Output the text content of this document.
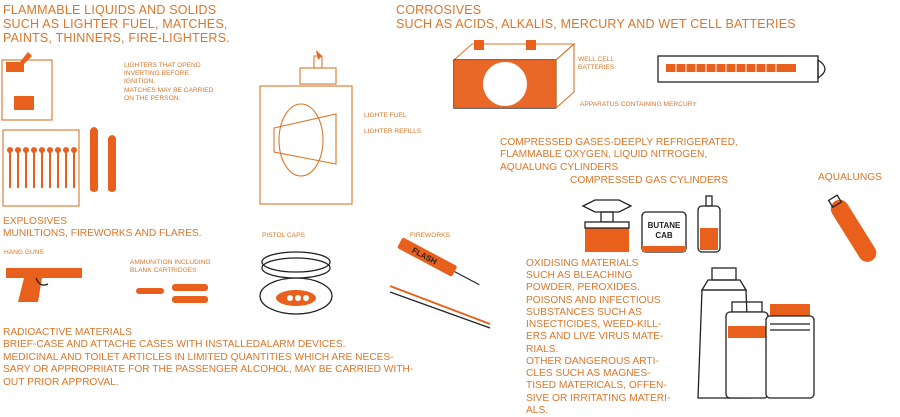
FLAMMABLE LIQUIDS AND SOLIDS
SUCH AS LIGHTER FUEL, MATCHES,
PAINTS, THINNERS, FIRE-LIGHTERS.
LIGHTERS THAT OPEND
INVERTING BEFORE
IGNITION.
MATCHES MAY BE CARRIED
ON THE PERSON.
LIGHTE FUEL
LIGHTER REFILLS
CORROSIVES
SUCH AS ACIDS, ALKALIS, MERCURY AND WET CELL BATTERIES
WELL CELL
BATTERIES
APPARATUS CONTAINING MERCURY
COMPRESSED GASES-DEEPLY REFRIGERATED,
FLAMMABLE OXYGEN, LIQUID NITROGEN,
AQUALUNG CYLINDERS
COMPRESSED GAS CYLINDERS	AQUALUNGS
EXPLOSIVES
MUNILTIONS, FIREWORKS AND FLARES.
HANG GUNS
AMMUNITION INCLUDING
BLANK CARTRIDGES
PISTOL CAPS	FIREWORKS
OXIDISING MATERIALS
SUCH AS BLEACHING
POWDER, PEROXIDES.
POISONS AND INFECTIOUS
SUBSTANCES SUCH AS
INSECTICIDES, WEED-KILL-
ERS AND LIVE VIRUS MATE-
RIALS.
OTHER DANGEROUS ARTI-
CLES SUCH AS MAGNES-
TISED MATERICALS, OFFEN-
SIVE OR IRRITATING MATERI-
ALS.
RADIOACTIVE MATERIALS
BRIEF-CASE AND ATTACHE CASES WITH INSTALLEDALARM DEVICES.
MEDICINAL AND TOILET ARTICLES IN LIMITED QUANTITIES WHICH ARE NECES-
SARY OR APPROPRIIATE FOR THE PASSENGER ALCOHOL, MAY BE CARRIED WITH-
OUT PRIOR APPROVAL.
BUTANE
CAB
FLASH
